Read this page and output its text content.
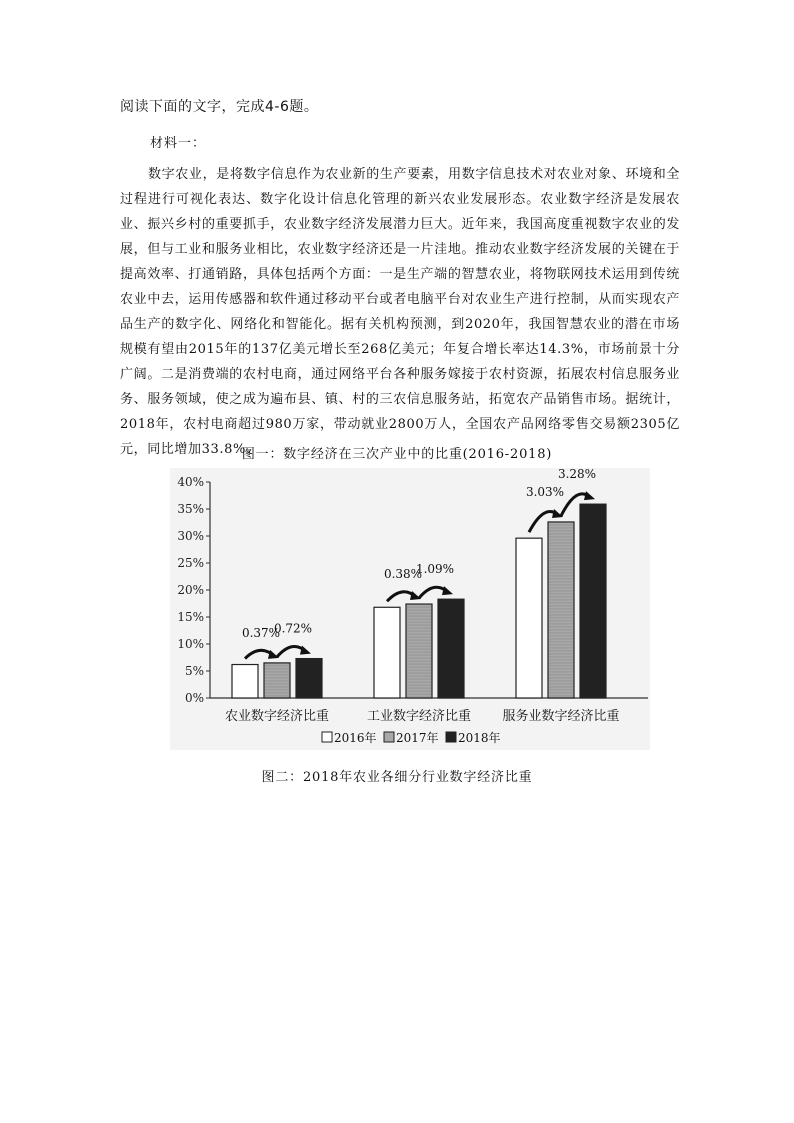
阅读下面的文字，完成4-6题。
材料一：

数字农业，是将数字信息作为农业新的生产要素，用数字信息技术对农业对象、环境和全过程进行可视化表达、数字化设计信息化管理的新兴农业发展形态。农业数字经济是发展农业、振兴乡村的重要抓手，农业数字经济发展潜力巨大。近年来，我国高度重视数字农业的发展，但与工业和服务业相比，农业数字经济还是一片洼地。推动农业数字经济发展的关键在于提高效率、打通销路，具体包括两个方面：一是生产端的智慧农业，将物联网技术运用到传统农业中去，运用传感器和软件通过移动平台或者电脑平台对农业生产进行控制，从而实现农产品生产的数字化、网络化和智能化。据有关机构预测，到2020年，我国智慧农业的潜在市场规模有望由2015年的137亿美元增长至268亿美元；年复合增长率达14.3%，市场前景十分广阔。二是消费端的农村电商，通过网络平台各种服务嫁接于农村资源，拓展农村信息服务业务、服务领域，使之成为遍布县、镇、村的三农信息服务站，拓宽农产品销售市场。据统计，2018年，农村电商超过980万家，带动就业2800万人，全国农产品网络零售交易额2305亿元，同比增加33.8%。

图一：数字经济在三次产业中的比重(2016-2018)
0%
5%
10%
15%
20%
25%
30%
35%
40%
农业数字经济比重	工业数字经济比重 服务业数字经济比重
0.37%
0.72%
0.38%
1.09%
3.03%
3.28%
2016年 2017年 2018年
图二：2018年农业各细分行业数字经济比重
